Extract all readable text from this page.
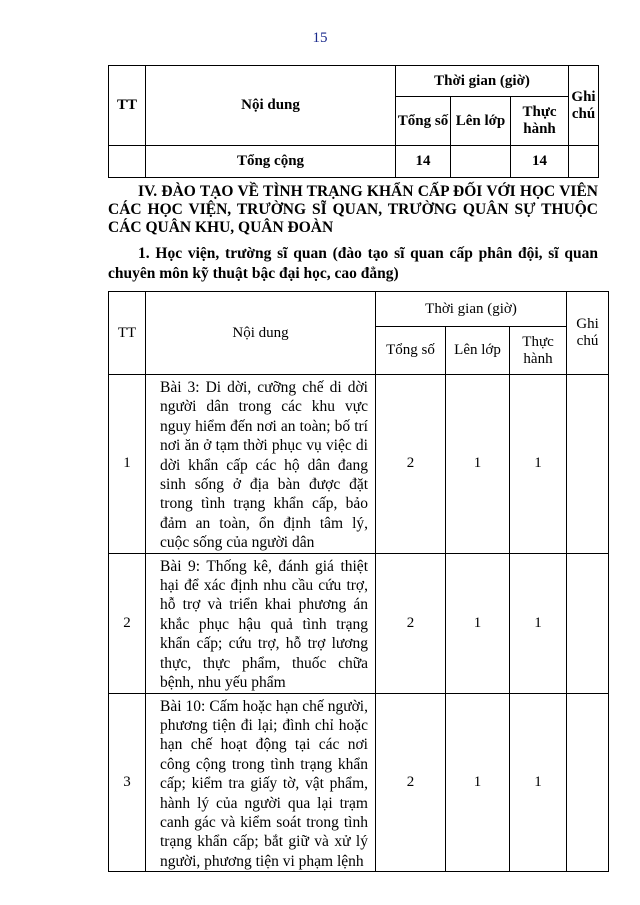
15
TT	Nội dung	Thời gian (giờ)			Ghi chú
		Tổng số	Lên lớp	Thực hành	
	Tổng cộng	14		14	
IV. ĐÀO TẠO VỀ TÌNH TRẠNG KHẨN CẤP ĐỐI VỚI HỌC VIÊN CÁC HỌC VIỆN, TRƯỜNG SĨ QUAN, TRƯỜNG QUÂN SỰ THUỘC CÁC QUÂN KHU, QUÂN ĐOÀN
1. Học viện, trường sĩ quan (đào tạo sĩ quan cấp phân đội, sĩ quan chuyên môn kỹ thuật bậc đại học, cao đẳng)
TT	Nội dung	Thời gian (giờ)			Ghi chú
		Tổng số	Lên lớp	Thực hành	
1	Bài 3: Di dời, cưỡng chế di dời người dân trong các khu vực nguy hiểm đến nơi an toàn; bố trí nơi ăn ở tạm thời phục vụ việc di dời khẩn cấp các hộ dân đang sinh sống ở địa bàn được đặt trong tình trạng khẩn cấp, bảo đảm an toàn, ổn định tâm lý, cuộc sống của người dân	2	1	1	
2	Bài 9: Thống kê, đánh giá thiệt hại để xác định nhu cầu cứu trợ, hỗ trợ và triển khai phương án khắc phục hậu quả tình trạng khẩn cấp; cứu trợ, hỗ trợ lương thực, thực phẩm, thuốc chữa bệnh, nhu yếu phẩm	2	1	1	
3	Bài 10: Cấm hoặc hạn chế người, phương tiện đi lại; đình chỉ hoặc hạn chế hoạt động tại các nơi công cộng trong tình trạng khẩn cấp; kiểm tra giấy tờ, vật phẩm, hành lý của người qua lại trạm canh gác và kiểm soát trong tình trạng khẩn cấp; bắt giữ và xử lý người, phương tiện vi phạm lệnh	2	1	1	
